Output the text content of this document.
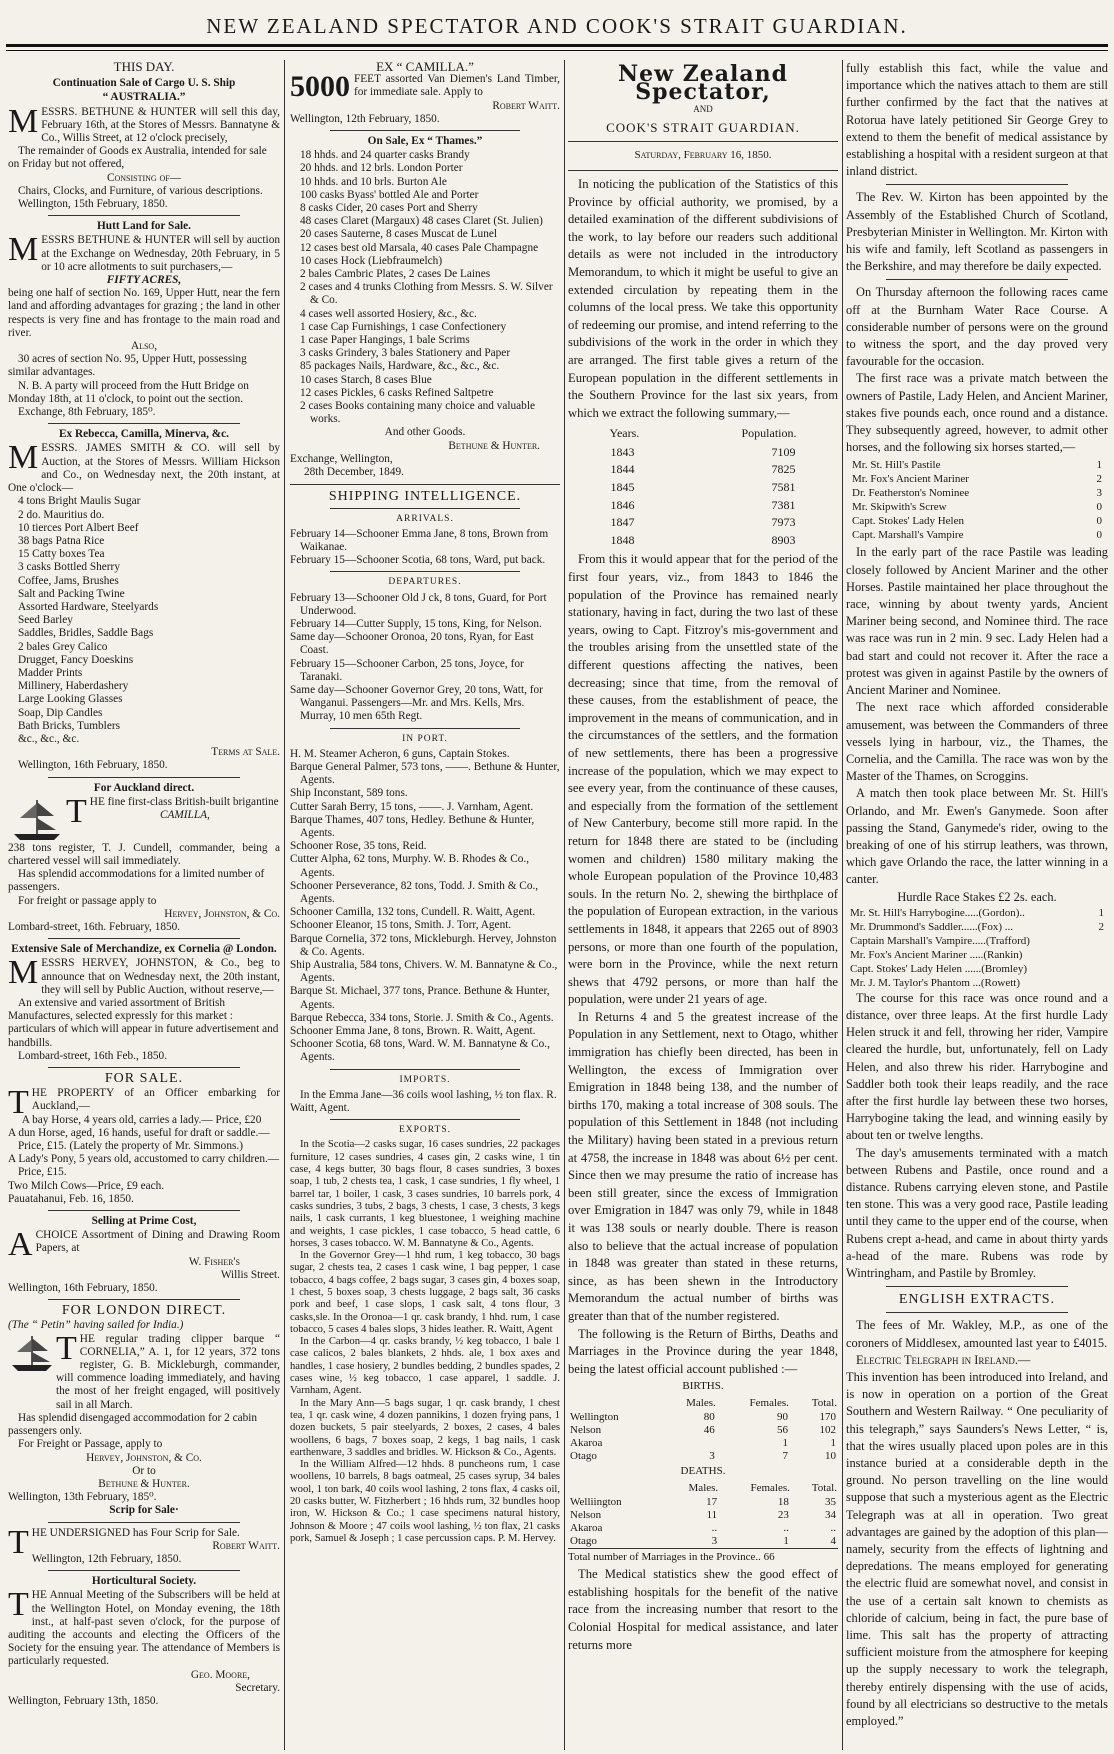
NEW ZEALAND SPECTATOR AND COOK'S STRAIT GUARDIAN.
THIS DAY.
Continuation Sale of Cargo U. S. Ship
“ AUSTRALIA.”

MESSRS. BETHUNE & HUNTER will sell this day, February 16th, at the Stores of Messrs. Bannatyne & Co., Willis Street, at 12 o'clock precisely,

The remainder of Goods ex Australia, intended for sale on Friday but not offered,

Consisting of—

Chairs, Clocks, and Furniture, of various descriptions.

Wellington, 15th February, 1850.
Hutt Land for Sale.

MESSRS BETHUNE & HUNTER will sell by auction at the Exchange on Wednesday, 20th February, in 5 or 10 acre allotments to suit purchasers,—

FIFTY ACRES,

being one half of section No. 169, Upper Hutt, near the fern land and affording advantages for grazing ; the land in other respects is very fine and has frontage to the main road and river.

Also,

30 acres of section No. 95, Upper Hutt, possessing similar advantages.

N. B. A party will proceed from the Hutt Bridge on Monday 18th, at 11 o'clock, to point out the section.

Exchange, 8th February, 185⁰.
Ex Rebecca, Camilla, Minerva, &c.

MESSRS. JAMES SMITH & CO. will sell by Auction, at the Stores of Messrs. William Hickson and Co., on Wednesday next, the 20th instant, at One o'clock—

4 tons Bright Maulis Sugar
2 do. Mauritius do.
10 tierces Port Albert Beef
38 bags Patna Rice
15 Catty boxes Tea
3 casks Bottled Sherry
Coffee, Jams, Brushes
Salt and Packing Twine
Assorted Hardware, Steelyards
Seed Barley
Saddles, Bridles, Saddle Bags
2 bales Grey Calico
Drugget, Fancy Doeskins
Madder Prints
Millinery, Haberdashery
Large Looking Glasses
Soap, Dip Candles
Bath Bricks, Tumblers
&c., &c., &c.
Terms at Sale.
Wellington, 16th February, 1850.
For Auckland direct.

THE fine first-class British-built brigantine

CAMILLA,

238 tons register, T. J. Cundell, commander, being a chartered vessel will sail immediately.

Has splendid accommodations for a limited number of passengers.

For freight or passage apply to

Hervey, Johnston, & Co.
Lombard-street, 16th. February, 1850.
Extensive Sale of Merchandize, ex Cornelia @ London.

MESSRS HERVEY, JOHNSTON, & Co., beg to announce that on Wednesday next, the 20th instant, they will sell by Public Auction, without reserve,—

An extensive and varied assortment of British Manufactures, selected expressly for this market : particulars of which will appear in future advertisement and handbills.

Lombard-street, 16th Feb., 1850.
FOR SALE.

THE PROPERTY of an Officer embarking for Auckland,—

A bay Horse, 4 years old, carries a lady.— Price, £20
A dun Horse, aged, 16 hands, useful for draft or saddle.—Price, £15. (Lately the property of Mr. Simmons.)
A Lady's Pony, 5 years old, accustomed to carry children.—Price, £15.
Two Milch Cows—Price, £9 each.
Pauatahanui, Feb. 16, 1850.
Selling at Prime Cost,

ACHOICE Assortment of Dining and Drawing Room Papers, at

W. Fisher's
Willis Street.
Wellington, 16th February, 1850.
FOR LONDON DIRECT.
(The “ Petin” having sailed for India.)

THE regular trading clipper barque “ CORNELIA,” A. 1, for 12 years, 372 tons register, G. B. Mickleburgh, commander, will commence loading immediately, and having the most of her freight engaged, will positively sail in all March.

Has splendid disengaged accommodation for 2 cabin passengers only.

For Freight or Passage, apply to

Hervey, Johnston, & Co.
Or to
Bethune & Hunter.
Wellington, 13th February, 185⁰.
Scrip for Sale·

THE UNDERSIGNED has Four Scrip for Sale.

Robert Waitt.
Wellington, 12th February, 1850.
Horticultural Society.

THE Annual Meeting of the Subscribers will be held at the Wellington Hotel, on Monday evening, the 18th inst., at half-past seven o'clock, for the purpose of auditing the accounts and electing the Officers of the Society for the ensuing year. The attendance of Members is particularly requested.

Geo. Moore,
Secretary.
Wellington, February 13th, 1850.
EX “ CAMILLA.”

5000 FEET assorted Van Diemen's Land Timber, for immediate sale. Apply to

Robert Waitt.
Wellington, 12th February, 1850.
On Sale, Ex “ Thames.”
18 hhds. and 24 quarter casks Brandy
20 hhds. and 12 brls. London Porter
10 hhds. and 10 brls. Burton Ale
100 casks Byass' bottled Ale and Porter
8 casks Cider, 20 cases Port and Sherry
48 cases Claret (Margaux) 48 cases Claret (St. Julien)
20 cases Sauterne, 8 cases Muscat de Lunel
12 cases best old Marsala, 40 cases Pale Champagne
10 cases Hock (Liebfraumelch)
2 bales Cambric Plates, 2 cases De Laines
2 cases and 4 trunks Clothing from Messrs. S. W. Silver & Co.
4 cases well assorted Hosiery, &c., &c.
1 case Cap Furnishings, 1 case Confectionery
1 case Paper Hangings, 1 bale Scrims
3 casks Grindery, 3 bales Stationery and Paper
85 packages Nails, Hardware, &c., &c., &c.
10 cases Starch, 8 cases Blue
12 cases Pickles, 6 casks Refined Saltpetre
2 cases Books containing many choice and valuable works.
And other Goods.
Bethune & Hunter.
Exchange, Wellington,
28th December, 1849.
SHIPPING INTELLIGENCE.
ARRIVALS.
February 14—Schooner Emma Jane, 8 tons, Brown from Waikanae.
February 15—Schooner Scotia, 68 tons, Ward, put back.
DEPARTURES.
February 13—Schooner Old J ck, 8 tons, Guard, for Port Underwood.
February 14—Cutter Supply, 15 tons, King, for Nelson.
Same day—Schooner Oronoa, 20 tons, Ryan, for East Coast.
February 15—Schooner Carbon, 25 tons, Joyce, for Taranaki.
Same day—Schooner Governor Grey, 20 tons, Watt, for Wanganui. Passengers—Mr. and Mrs. Kells, Mrs. Murray, 10 men 65th Regt.
IN PORT.
H. M. Steamer Acheron, 6 guns, Captain Stokes.
Barque General Palmer, 573 tons, ——. Bethune & Hunter, Agents.
Ship Inconstant, 589 tons.
Cutter Sarah Berry, 15 tons, ——. J. Varnham, Agent.
Barque Thames, 407 tons, Hedley. Bethune & Hunter, Agents.
Schooner Rose, 35 tons, Reid.
Cutter Alpha, 62 tons, Murphy. W. B. Rhodes & Co., Agents.
Schooner Perseverance, 82 tons, Todd. J. Smith & Co., Agents.
Schooner Camilla, 132 tons, Cundell. R. Waitt, Agent.
Schooner Eleanor, 15 tons, Smith. J. Torr, Agent.
Barque Cornelia, 372 tons, Mickleburgh. Hervey, Johnston & Co. Agents.
Ship Australia, 584 tons, Chivers. W. M. Bannatyne & Co., Agents.
Barque St. Michael, 377 tons, Prance. Bethune & Hunter, Agents.
Barque Rebecca, 334 tons, Storie. J. Smith & Co., Agents.
Schooner Emma Jane, 8 tons, Brown. R. Waitt, Agent.
Schooner Scotia, 68 tons, Ward. W. M. Bannatyne & Co., Agents.
IMPORTS.

In the Emma Jane—36 coils wool lashing, ½ ton flax. R. Waitt, Agent.

EXPORTS.
In the Scotia—2 casks sugar, 16 cases sundries, 22 packages furniture, 12 cases sundries, 4 cases gin, 2 casks wine, 1 tin case, 4 kegs butter, 30 bags flour, 8 cases sundries, 3 boxes soap, 1 tub, 2 chests tea, 1 cask, 1 case sundries, 1 fly wheel, 1 barrel tar, 1 boiler, 1 cask, 3 cases sundries, 10 barrels pork, 4 casks sundries, 3 tubs, 2 bags, 3 chests, 1 case, 3 chests, 3 kegs nails, 1 cask currants, 1 keg bluestonee, 1 weighing machine and weights, 1 case pickles, 1 case tobacco, 5 head cattle, 6 horses, 3 cases tobacco. W. M. Bannatyne & Co., Agents.
In the Governor Grey—1 hhd rum, 1 keg tobacco, 30 bags sugar, 2 chests tea, 2 cases 1 cask wine, 1 bag pepper, 1 case tobacco, 4 bags coffee, 2 bags sugar, 3 cases gin, 4 boxes soap, 1 chest, 5 boxes soap, 3 chests luggage, 2 bags salt, 36 casks pork and beef, 1 case slops, 1 cask salt, 4 tons flour, 3 casks,sle. In the Oronoa—1 qr. cask brandy, 1 hhd. rum, 1 case tobacco, 5 cases 4 bales slops, 3 hides leather. R. Waitt, Agent
In the Carbon—4 qr. casks brandy, ½ keg tobacco, 1 bale 1 case calicos, 2 bales blankets, 2 hhds. ale, 1 box axes and handles, 1 case hosiery, 2 bundles bedding, 2 bundles spades, 2 cases wine, ½ keg tobacco, 1 case apparel, 1 saddle. J. Varnham, Agent.
In the Mary Ann—5 bags sugar, 1 qr. cask brandy, 1 chest tea, 1 qr. cask wine, 4 dozen pannikins, 1 dozen frying pans, 1 dozen buckets, 5 pair steelyards, 2 boxes, 2 cases, 4 bales woollens, 6 bags, 7 boxes soap, 2 kegs, 1 bag nails, 1 cask earthenware, 3 saddles and bridles. W. Hickson & Co., Agents.
In the William Alfred—12 hhds. 8 puncheons rum, 1 case woollens, 10 barrels, 8 bags oatmeal, 25 cases syrup, 34 bales wool, 1 ton bark, 40 coils wool lashing, 2 tons flax, 4 casks oil, 20 casks butter, W. Fitzherbert ; 16 hhds rum, 32 bundles hoop iron, W. Hickson & Co.; 1 case specimens natural history, Johnson & Moore ; 47 coils wool lashing, ½ ton flax, 21 casks pork, Samuel & Joseph ; 1 case percussion caps. P. M. Hervey.
New Zealand Spectator,
AND
COOK'S STRAIT GUARDIAN.
Saturday, February 16, 1850.

In noticing the publication of the Statistics of this Province by official authority, we promised, by a detailed examination of the different subdivisions of the work, to lay before our readers such additional details as were not included in the introductory Memorandum, to which it might be useful to give an extended circulation by repeating them in the columns of the local press. We take this opportunity of redeeming our promise, and intend referring to the subdivisions of the work in the order in which they are arranged. The first table gives a return of the European population in the different settlements in the Southern Province for the last six years, from which we extract the following summary,—

Years.	Population.
1843	7109
1844	7825
1845	7581
1846	7381
1847	7973
1848	8903

From this it would appear that for the period of the first four years, viz., from 1843 to 1846 the population of the Province has remained nearly stationary, having in fact, during the two last of these years, owing to Capt. Fitzroy's mis-government and the troubles arising from the unsettled state of the different questions affecting the natives, been decreasing; since that time, from the removal of these causes, from the establishment of peace, the improvement in the means of communication, and in the circumstances of the settlers, and the formation of new settlements, there has been a progressive increase of the population, which we may expect to see every year, from the continuance of these causes, and especially from the formation of the settlement of New Canterbury, become still more rapid. In the return for 1848 there are stated to be (including women and children) 1580 military making the whole European population of the Province 10,483 souls. In the return No. 2, shewing the birthplace of the population of European extraction, in the various settlements in 1848, it appears that 2265 out of 8903 persons, or more than one fourth of the population, were born in the Province, while the next return shews that 4792 persons, or more than half the population, were under 21 years of age.

In Returns 4 and 5 the greatest increase of the Population in any Settlement, next to Otago, whither immigration has chiefly been directed, has been in Wellington, the excess of Immigration over Emigration in 1848 being 138, and the number of births 170, making a total increase of 308 souls. The population of this Settlement in 1848 (not including the Military) having been stated in a previous return at 4758, the increase in 1848 was about 6½ per cent. Since then we may presume the ratio of increase has been still greater, since the excess of Immigration over Emigration in 1847 was only 79, while in 1848 it was 138 souls or nearly double. There is reason also to believe that the actual increase of population in 1848 was greater than stated in these returns, since, as has been shewn in the Introductory Memorandum the actual number of births was greater than that of the number registered.

The following is the Return of Births, Deaths and Marriages in the Province during the year 1848, being the latest official account published :—

BIRTHS.
	Males.	Females.	Total.
Wellington	80	90	170
Nelson	46	56	102
Akaroa		1	1
Otago	3	7	10
DEATHS.
	Males.	Females.	Total.
Welliington	17	18	35
Nelson	11	23	34
Akaroa	..	..	..
Otago	3	1	4
Total number of Marriages in the Province.. 66

The Medical statistics shew the good effect of establishing hospitals for the benefit of the native race from the increasing number that resort to the Colonial Hospital for medical assistance, and later returns more

fully establish this fact, while the value and importance which the natives attach to them are still further confirmed by the fact that the natives at Rotorua have lately petitioned Sir George Grey to extend to them the benefit of medical assistance by establishing a hospital with a resident surgeon at that inland district.

The Rev. W. Kirton has been appointed by the Assembly of the Established Church of Scotland, Presbyterian Minister in Wellington. Mr. Kirton with his wife and family, left Scotland as passengers in the Berkshire, and may therefore be daily expected.

On Thursday afternoon the following races came off at the Burnham Water Race Course. A considerable number of persons were on the ground to witness the sport, and the day proved very favourable for the occasion.

The first race was a private match between the owners of Pastile, Lady Helen, and Ancient Mariner, stakes five pounds each, once round and a distance. They subsequently agreed, however, to admit other horses, and the following six horses started,—

Mr. St. Hill's Pastile	1
Mr. Fox's Ancient Mariner	2
Dr. Featherston's Nominee	3
Mr. Skipwith's Screw	0
Capt. Stokes' Lady Helen	0
Capt. Marshall's Vampire	0

In the early part of the race Pastile was leading closely followed by Ancient Mariner and the other Horses. Pastile maintained her place throughout the race, winning by about twenty yards, Ancient Mariner being second, and Nominee third. The race was race was run in 2 min. 9 sec. Lady Helen had a bad start and could not recover it. After the race a protest was given in against Pastile by the owners of Ancient Mariner and Nominee.

The next race which afforded considerable amusement, was between the Commanders of three vessels lying in harbour, viz., the Thames, the Cornelia, and the Camilla. The race was won by the Master of the Thames, on Scroggins.

A match then took place between Mr. St. Hill's Orlando, and Mr. Ewen's Ganymede. Soon after passing the Stand, Ganymede's rider, owing to the breaking of one of his stirrup leathers, was thrown, which gave Orlando the race, the latter winning in a canter.

Hurdle Race Stakes £2 2s. each.
Mr. St. Hill's Harrybogine.....(Gordon)..	1
Mr. Drummond's Saddler......(Fox) ...	2
Captain Marshall's Vampire.....(Trafford)
Mr. Fox's Ancient Mariner .....(Rankin)
Capt. Stokes' Lady Helen ......(Bromley)
Mr. J. M. Taylor's Phantom ...(Rowett)

The course for this race was once round and a distance, over three leaps. At the first hurdle Lady Helen struck it and fell, throwing her rider, Vampire cleared the hurdle, but, unfortunately, fell on Lady Helen, and also threw his rider. Harrybogine and Saddler both took their leaps readily, and the race after the first hurdle lay between these two horses, Harrybogine taking the lead, and winning easily by about ten or twelve lengths.

The day's amusements terminated with a match between Rubens and Pastile, once round and a distance. Rubens carrying eleven stone, and Pastile ten stone. This was a very good race, Pastile leading until they came to the upper end of the course, when Rubens crept a-head, and came in about thirty yards a-head of the mare. Rubens was rode by Wintringham, and Pastile by Bromley.

ENGLISH EXTRACTS.

The fees of Mr. Wakley, M.P., as one of the coroners of Middlesex, amounted last year to £4015.

Electric Telegraph in Ireland.—

This invention has been introduced into Ireland, and is now in operation on a portion of the Great Southern and Western Railway. “ One peculiarity of this telegraph,” says Saunders's News Letter, “ is, that the wires usually placed upon poles are in this instance buried at a considerable depth in the ground. No person travelling on the line would suppose that such a mysterious agent as the Electric Telegraph was at all in operation. Two great advantages are gained by the adoption of this plan—namely, security from the effects of lightning and depredations. The means employed for generating the electric fluid are somewhat novel, and consist in the use of a certain salt known to chemists as chloride of calcium, being in fact, the pure base of lime. This salt has the property of attracting sufficient moisture from the atmosphere for keeping up the supply necessary to work the telegraph, thereby entirely dispensing with the use of acids, found by all electricians so destructive to the metals employed.”
